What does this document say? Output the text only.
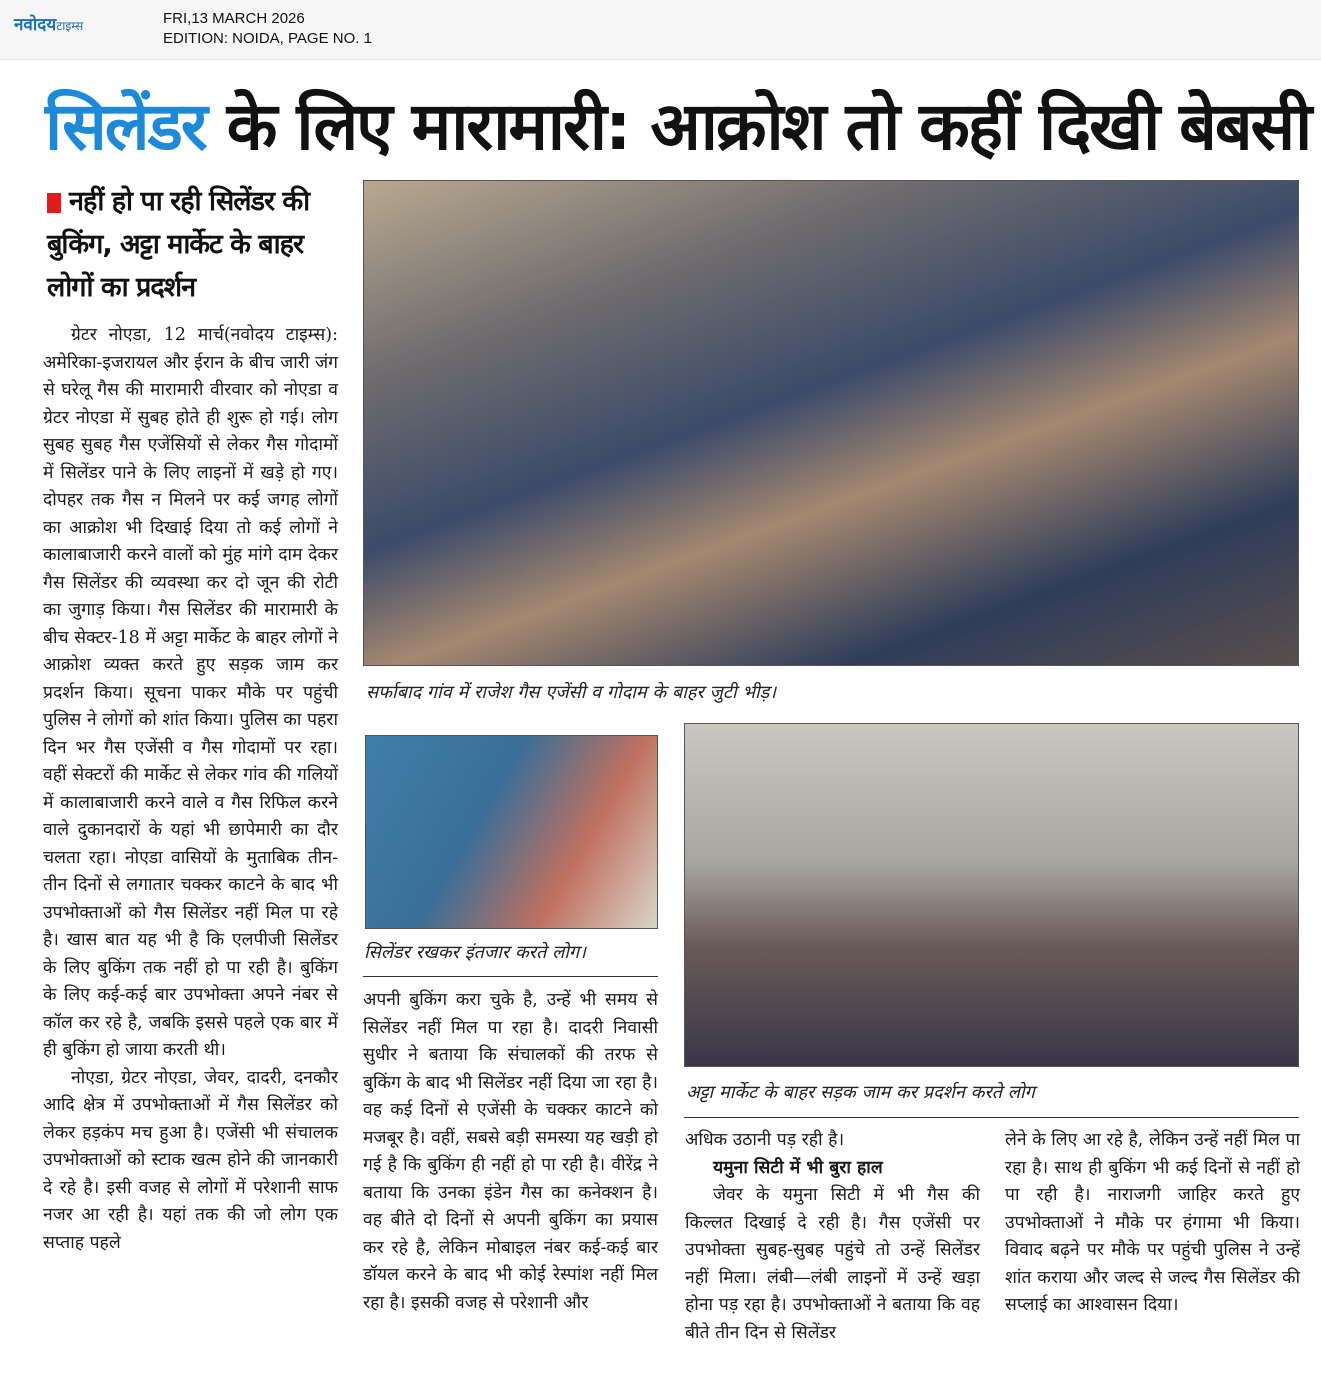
नवोदयटाइम्स	FRI,13 MARCH 2026
EDITION: NOIDA, PAGE NO. 1
सिलेंडर के लिए मारामारी: आक्रोश तो कहीं दिखी बेबसी
नहीं हो पा रही सिलेंडर की बुकिंग, अट्टा मार्केट के बाहर लोगों का प्रदर्शन

ग्रेटर नोएडा, 12 मार्च(नवोदय टाइम्स): अमेरिका-इजरायल और ईरान के बीच जारी जंग से घरेलू गैस की मारामारी वीरवार को नोएडा व ग्रेटर नोएडा में सुबह होते ही शुरू हो गई। लोग सुबह सुबह गैस एजेंसियों से लेकर गैस गोदामों में सिलेंडर पाने के लिए लाइनों में खड़े हो गए। दोपहर तक गैस न मिलने पर कई जगह लोगों का आक्रोश भी दिखाई दिया तो कई लोगों ने कालाबाजारी करने वालों को मुंह मांगे दाम देकर गैस सिलेंडर की व्यवस्था कर दो जून की रोटी का जुगाड़ किया। गैस सिलेंडर की मारामारी के बीच सेक्टर-18 में अट्टा मार्केट के बाहर लोगों ने आक्रोश व्यक्त करते हुए सड़क जाम कर प्रदर्शन किया। सूचना पाकर मौके पर पहुंची पुलिस ने लोगों को शांत किया। पुलिस का पहरा दिन भर गैस एजेंसी व गैस गोदामों पर रहा। वहीं सेक्टरों की मार्केट से लेकर गांव की गलियों में कालाबाजारी करने वाले व गैस रिफिल करने वाले दुकानदारों के यहां भी छापेमारी का दौर चलता रहा। नोएडा वासियों के मुताबिक तीन-तीन दिनों से लगातार चक्कर काटने के बाद भी उपभोक्ताओं को गैस सिलेंडर नहीं मिल पा रहे है। खास बात यह भी है कि एलपीजी सिलेंडर के लिए बुकिंग तक नहीं हो पा रही है। बुकिंग के लिए कई-कई बार उपभोक्ता अपने नंबर से कॉल कर रहे है, जबकि इससे पहले एक बार में ही बुकिंग हो जाया करती थी।

नोएडा, ग्रेटर नोएडा, जेवर, दादरी, दनकौर आदि क्षेत्र में उपभोक्ताओं में गैस सिलेंडर को लेकर हड़कंप मच हुआ है। एजेंसी भी संचालक उपभोक्ताओं को स्टाक खत्म होने की जानकारी दे रहे है। इसी वजह से लोगों में परेशानी साफ नजर आ रही है। यहां तक की जो लोग एक सप्ताह पहले

सर्फाबाद गांव में राजेश गैस एजेंसी व गोदाम के बाहर जुटी भीड़।
सिलेंडर रखकर इंतजार करते लोग।

अपनी बुकिंग करा चुके है, उन्हें भी समय से सिलेंडर नहीं मिल पा रहा है। दादरी निवासी सुधीर ने बताया कि संचालकों की तरफ से बुकिंग के बाद भी सिलेंडर नहीं दिया जा रहा है। वह कई दिनों से एजेंसी के चक्कर काटने को मजबूर है। वहीं, सबसे बड़ी समस्या यह खड़ी हो गई है कि बुकिंग ही नहीं हो पा रही है। वीरेंद्र ने बताया कि उनका इंडेन गैस का कनेक्शन है। वह बीते दो दिनों से अपनी बुकिंग का प्रयास कर रहे है, लेकिन मोबाइल नंबर कई-कई बार डॉयल करने के बाद भी कोई रेस्पांश नहीं मिल रहा है। इसकी वजह से परेशानी और

अट्टा मार्केट के बाहर सड़क जाम कर प्रदर्शन करते लोग

अधिक उठानी पड़ रही है।

यमुना सिटी में भी बुरा हाल

जेवर के यमुना सिटी में भी गैस की किल्लत दिखाई दे रही है। गैस एजेंसी पर उपभोक्ता सुबह-सुबह पहुंचे तो उन्हें सिलेंडर नहीं मिला। लंबी—लंबी लाइनों में उन्हें खड़ा होना पड़ रहा है। उपभोक्ताओं ने बताया कि वह बीते तीन दिन से सिलेंडर

लेने के लिए आ रहे है, लेकिन उन्हें नहीं मिल पा रहा है। साथ ही बुकिंग भी कई दिनों से नहीं हो पा रही है। नाराजगी जाहिर करते हुए उपभोक्ताओं ने मौके पर हंगामा भी किया। विवाद बढ़ने पर मौके पर पहुंची पुलिस ने उन्हें शांत कराया और जल्द से जल्द गैस सिलेंडर की सप्लाई का आश्वासन दिया।
